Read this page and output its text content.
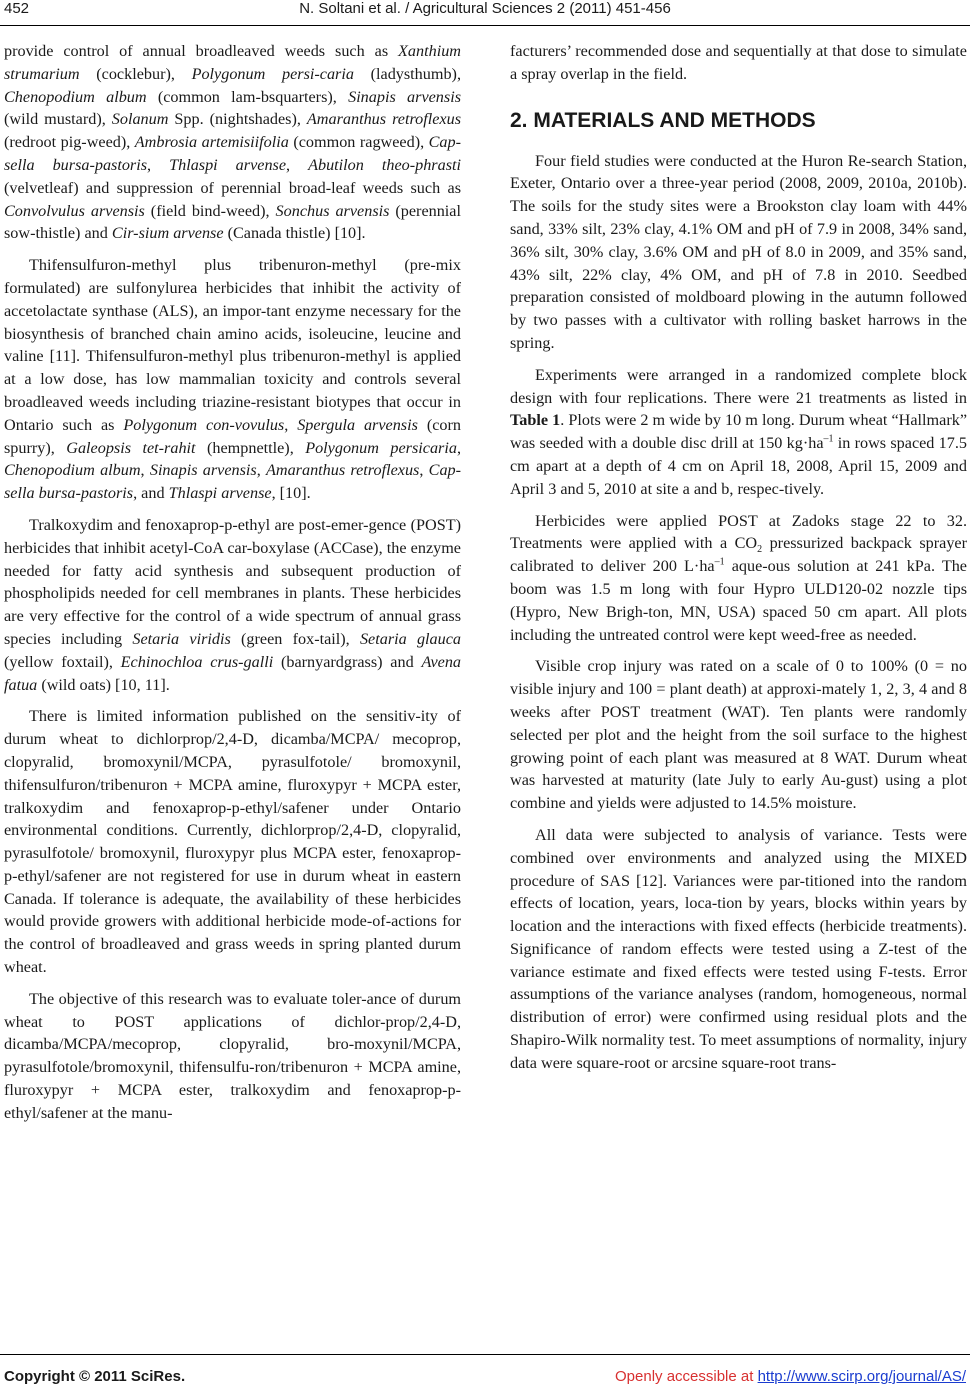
452	N. Soltani et al. / Agricultural Sciences 2 (2011) 451-456

provide control of annual broadleaved weeds such as Xanthium strumarium (cocklebur), Polygonum persi-caria (ladysthumb), Chenopodium album (common lam-bsquarters), Sinapis arvensis (wild mustard), Solanum Spp. (nightshades), Amaranthus retroflexus (redroot pig-weed), Ambrosia artemisiifolia (common ragweed), Cap-sella bursa-pastoris, Thlaspi arvense, Abutilon theo-phrasti (velvetleaf) and suppression of perennial broad-leaf weeds such as Convolvulus arvensis (field bind-weed), Sonchus arvensis (perennial sow-thistle) and Cir-sium arvense (Canada thistle) [10].

Thifensulfuron-methyl plus tribenuron-methyl (pre-mix formulated) are sulfonylurea herbicides that inhibit the activity of accetolactate synthase (ALS), an impor-tant enzyme necessary for the biosynthesis of branched chain amino acids, isoleucine, leucine and valine [11]. Thifensulfuron-methyl plus tribenuron-methyl is applied at a low dose, has low mammalian toxicity and controls several broadleaved weeds including triazine-resistant biotypes that occur in Ontario such as Polygonum con-vovulus, Spergula arvensis (corn spurry), Galeopsis tet-rahit (hempnettle), Polygonum persicaria, Chenopodium album, Sinapis arvensis, Amaranthus retroflexus, Cap-sella bursa-pastoris, and Thlaspi arvense, [10].

Tralkoxydim and fenoxaprop-p-ethyl are post-emer-gence (POST) herbicides that inhibit acetyl-CoA car-boxylase (ACCase), the enzyme needed for fatty acid synthesis and subsequent production of phospholipids needed for cell membranes in plants. These herbicides are very effective for the control of a wide spectrum of annual grass species including Setaria viridis (green fox-tail), Setaria glauca (yellow foxtail), Echinochloa crus-galli (barnyardgrass) and Avena fatua (wild oats) [10, 11].

There is limited information published on the sensitiv-ity of durum wheat to dichlorprop/2,4-D, dicamba/MCPA/ mecoprop, clopyralid, bromoxynil/MCPA, pyrasulfotole/ bromoxynil, thifensulfuron/tribenuron + MCPA amine, fluroxypyr + MCPA ester, tralkoxydim and fenoxaprop-p-ethyl/safener under Ontario environmental conditions. Currently, dichlorprop/2,4-D, clopyralid, pyrasulfotole/ bromoxynil, fluroxypyr plus MCPA ester, fenoxaprop-p-ethyl/safener are not registered for use in durum wheat in eastern Canada. If tolerance is adequate, the availability of these herbicides would provide growers with additional herbicide mode-of-actions for the control of broadleaved and grass weeds in spring planted durum wheat.

The objective of this research was to evaluate toler-ance of durum wheat to POST applications of dichlor-prop/2,4-D, dicamba/MCPA/mecoprop, clopyralid, bro-moxynil/MCPA, pyrasulfotole/bromoxynil, thifensulfu-ron/tribenuron + MCPA amine, fluroxypyr + MCPA ester, tralkoxydim and fenoxaprop-p-ethyl/safener at the manu-

facturers’ recommended dose and sequentially at that dose to simulate a spray overlap in the field.

2. MATERIALS AND METHODS

Four field studies were conducted at the Huron Re-search Station, Exeter, Ontario over a three-year period (2008, 2009, 2010a, 2010b). The soils for the study sites were a Brookston clay loam with 44% sand, 33% silt, 23% clay, 4.1% OM and pH of 7.9 in 2008, 34% sand, 36% silt, 30% clay, 3.6% OM and pH of 8.0 in 2009, and 35% sand, 43% silt, 22% clay, 4% OM, and pH of 7.8 in 2010. Seedbed preparation consisted of moldboard plowing in the autumn followed by two passes with a cultivator with rolling basket harrows in the spring.

Experiments were arranged in a randomized complete block design with four replications. There were 21 treatments as listed in Table 1. Plots were 2 m wide by 10 m long. Durum wheat “Hallmark” was seeded with a double disc drill at 150 $kg\cdot ha^{-1}$ in rows spaced 17.5 cm apart at a depth of 4 cm on April 18, 2008, April 15, 2009 and April 3 and 5, 2010 at site a and b, respec-tively.

Herbicides were applied POST at Zadoks stage 22 to 32. Treatments were applied with a $CO_2$ pressurized backpack sprayer calibrated to deliver 200 $L\cdot ha^{-1}$ aque-ous solution at 241 kPa. The boom was 1.5 m long with four Hypro ULD120-02 nozzle tips (Hypro, New Brigh-ton, MN, USA) spaced 50 cm apart. All plots including the untreated control were kept weed-free as needed.

Visible crop injury was rated on a scale of 0 to 100% (0 = no visible injury and 100 = plant death) at approxi-mately 1, 2, 3, 4 and 8 weeks after POST treatment (WAT). Ten plants were randomly selected per plot and the height from the soil surface to the highest growing point of each plant was measured at 8 WAT. Durum wheat was harvested at maturity (late July to early Au-gust) using a plot combine and yields were adjusted to 14.5% moisture.

All data were subjected to analysis of variance. Tests were combined over environments and analyzed using the MIXED procedure of SAS [12]. Variances were par-titioned into the random effects of location, years, loca-tion by years, blocks within years by location and the interactions with fixed effects (herbicide treatments). Significance of random effects were tested using a Z-test of the variance estimate and fixed effects were tested using F-tests. Error assumptions of the variance analyses (random, homogeneous, normal distribution of error) were confirmed using residual plots and the Shapiro-Wilk normality test. To meet assumptions of normality, injury data were square-root or arcsine square-root trans-

Copyright © 2011 SciRes.	Openly accessible at http://www.scirp.org/journal/AS/
